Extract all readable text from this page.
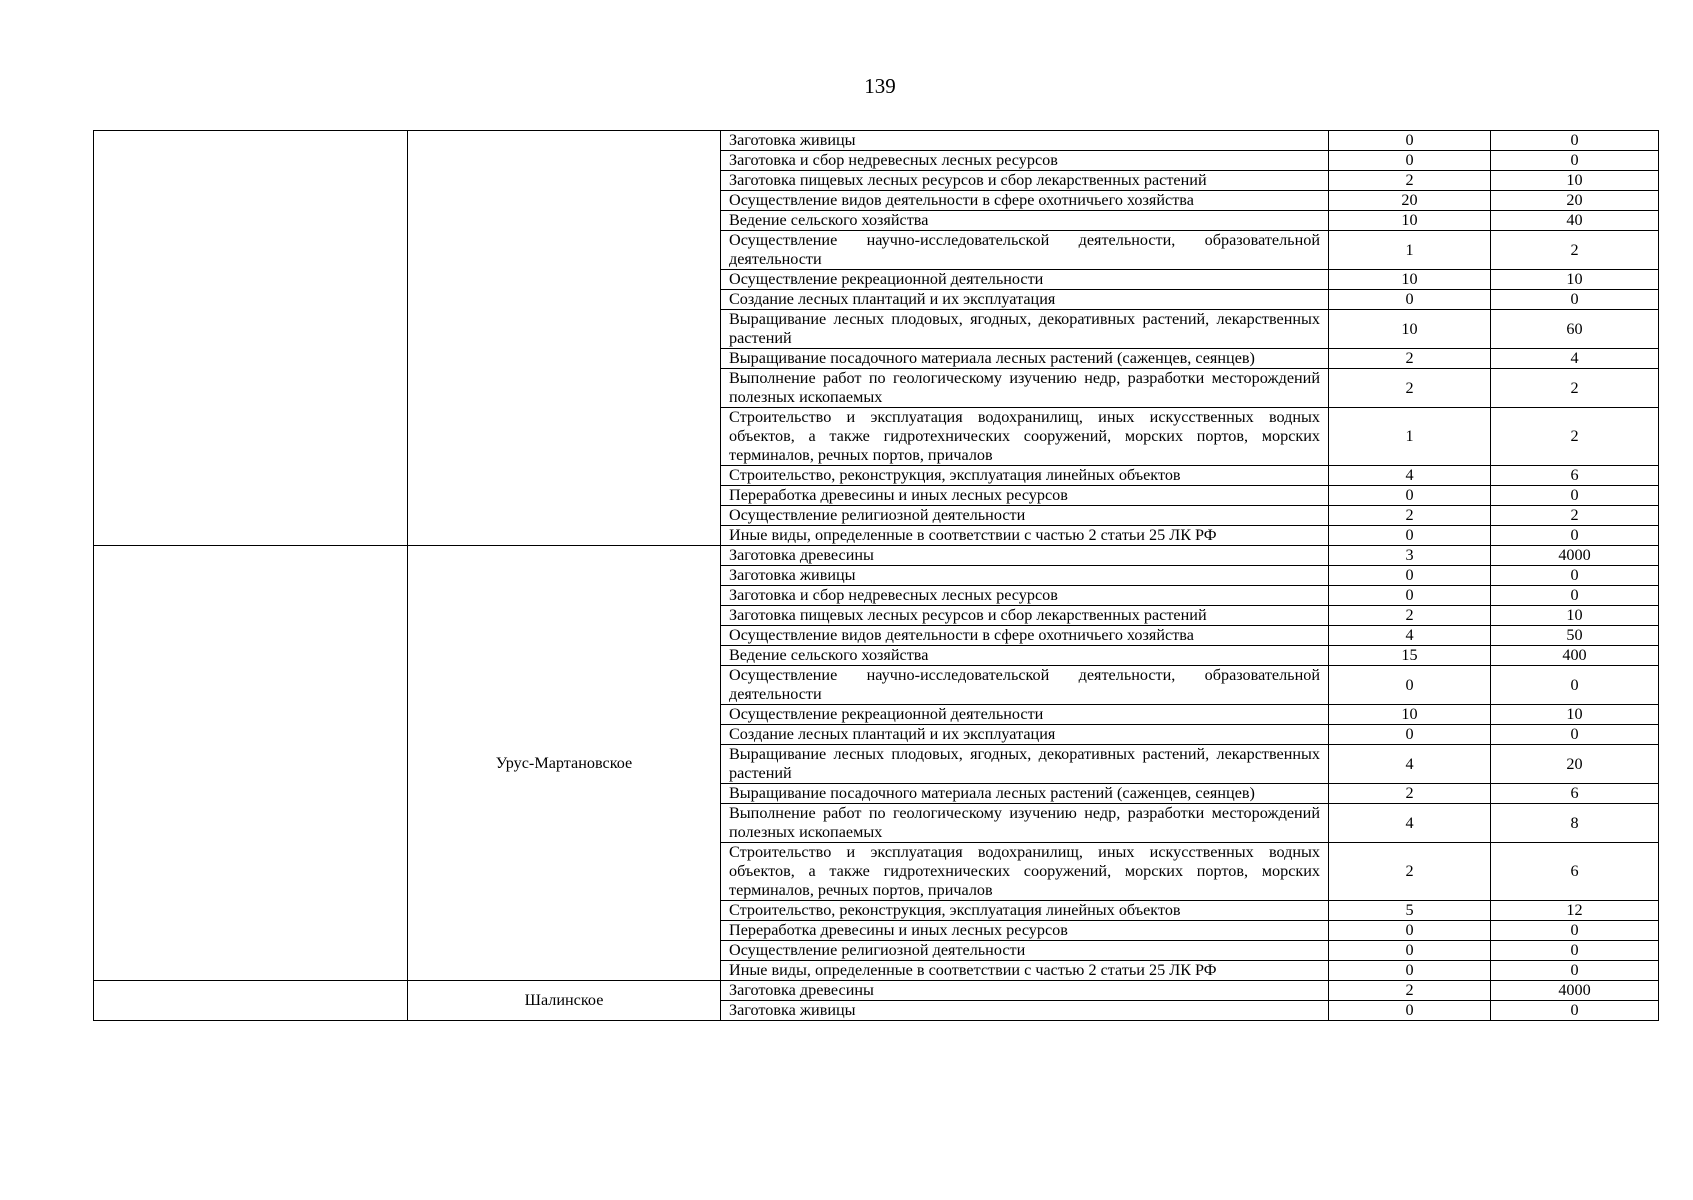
139
		Заготовка живицы	0	0
		Заготовка и сбор недревесных лесных ресурсов	0	0
		Заготовка пищевых лесных ресурсов и сбор лекарственных растений	2	10
		Осуществление видов деятельности в сфере охотничьего хозяйства	20	20
		Ведение сельского хозяйства	10	40
		Осуществление научно-исследовательской деятельности, образовательной деятельности	1	2
		Осуществление рекреационной деятельности	10	10
		Создание лесных плантаций и их эксплуатация	0	0
		Выращивание лесных плодовых, ягодных, декоративных растений, лекарственных растений	10	60
		Выращивание посадочного материала лесных растений (саженцев, сеянцев)	2	4
		Выполнение работ по геологическому изучению недр, разработки месторождений полезных ископаемых	2	2
		Строительство и эксплуатация водохранилищ, иных искусственных водных объектов, а также гидротехнических сооружений, морских портов, морских терминалов, речных портов, причалов	1	2
		Строительство, реконструкция, эксплуатация линейных объектов	4	6
		Переработка древесины и иных лесных ресурсов	0	0
		Осуществление религиозной деятельности	2	2
		Иные виды, определенные в соответствии с частью 2 статьи 25 ЛК РФ	0	0
	Урус-Мартановское	Заготовка древесины	3	4000
		Заготовка живицы	0	0
		Заготовка и сбор недревесных лесных ресурсов	0	0
		Заготовка пищевых лесных ресурсов и сбор лекарственных растений	2	10
		Осуществление видов деятельности в сфере охотничьего хозяйства	4	50
		Ведение сельского хозяйства	15	400
		Осуществление научно-исследовательской деятельности, образовательной деятельности	0	0
		Осуществление рекреационной деятельности	10	10
		Создание лесных плантаций и их эксплуатация	0	0
		Выращивание лесных плодовых, ягодных, декоративных растений, лекарственных растений	4	20
		Выращивание посадочного материала лесных растений (саженцев, сеянцев)	2	6
		Выполнение работ по геологическому изучению недр, разработки месторождений полезных ископаемых	4	8
		Строительство и эксплуатация водохранилищ, иных искусственных водных объектов, а также гидротехнических сооружений, морских портов, морских терминалов, речных портов, причалов	2	6
		Строительство, реконструкция, эксплуатация линейных объектов	5	12
		Переработка древесины и иных лесных ресурсов	0	0
		Осуществление религиозной деятельности	0	0
		Иные виды, определенные в соответствии с частью 2 статьи 25 ЛК РФ	0	0
	Шалинское	Заготовка древесины	2	4000
		Заготовка живицы	0	0
